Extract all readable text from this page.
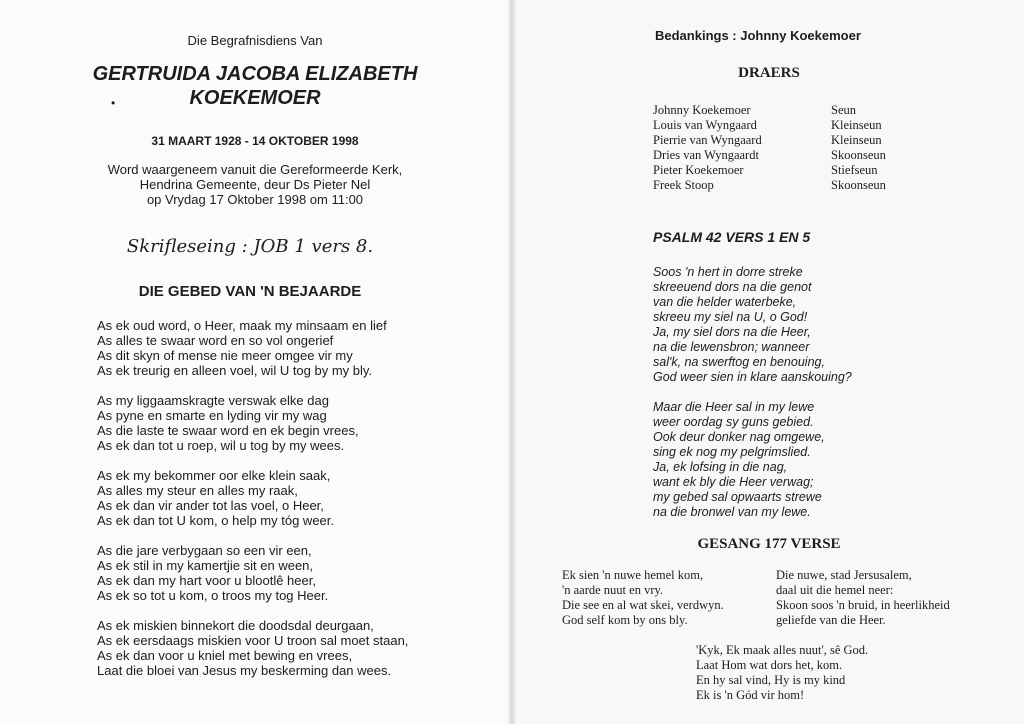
Die Begrafnisdiens Van

GERTRUIDA JACOBA ELIZABETH
KOEKEMOER
•

31 MAART 1928 - 14 OKTOBER 1998

Word waargeneem vanuit die Gereformeerde Kerk,
Hendrina Gemeente, deur Ds Pieter Nel
op Vrydag 17 Oktober 1998 om 11:00

Skrifleseing : JOB 1 vers 8.

DIE GEBED VAN 'N BEJAARDE

As ek oud word, o Heer, maak my minsaam en lief
As alles te swaar word en so vol ongerief
As dit skyn of mense nie meer omgee vir my
As ek treurig en alleen voel, wil U tog by my bly.
As my liggaamskragte verswak elke dag
As pyne en smarte en lyding vir my wag
As die laste te swaar word en ek begin vrees,
As ek dan tot u roep, wil u tog by my wees.
As ek my bekommer oor elke klein saak,
As alles my steur en alles my raak,
As ek dan vir ander tot las voel, o Heer,
As ek dan tot U kom, o help my tóg weer.
As die jare verbygaan so een vir een,
As ek stil in my kamertjie sit en ween,
As ek dan my hart voor u blootlê heer,
As ek so tot u kom, o troos my tog Heer.
As ek miskien binnekort die doodsdal deurgaan,
As ek eersdaags miskien voor U troon sal moet staan,
As ek dan voor u kniel met bewing en vrees,
Laat die bloei van Jesus my beskerming dan wees.

Bedankings : Johnny Koekemoer

DRAERS

Johnny Koekemoer	Seun
Louis van Wyngaard	Kleinseun
Pierrie van Wyngaard	Kleinseun
Dries van Wyngaardt	Skoonseun
Pieter Koekemoer	Stiefseun
Freek Stoop	Skoonseun

PSALM 42 VERS 1 EN 5

Soos 'n hert in dorre streke
skreeuend dors na die genot
van die helder waterbeke,
skreeu my siel na U, o God!
Ja, my siel dors na die Heer,
na die lewensbron; wanneer
sal'k, na swerftog en benouing,
God weer sien in klare aanskouing?
Maar die Heer sal in my lewe
weer oordag sy guns gebied.
Ook deur donker nag omgewe,
sing ek nog my pelgrimslied.
Ja, ek lofsing in die nag,
want ek bly die Heer verwag;
my gebed sal opwaarts strewe
na die bronwel van my lewe.

GESANG 177 VERSE

Ek sien 'n nuwe hemel kom,
'n aarde nuut en vry.
Die see en al wat skei, verdwyn.
God self kom by ons bly.
Die nuwe, stad Jersusalem,
daal uit die hemel neer:
Skoon soos 'n bruid, in heerlikheid
geliefde van die Heer.
'Kyk, Ek maak alles nuut', sê God.
Laat Hom wat dors het, kom.
En hy sal vind, Hy is my kind
Ek is 'n Gód vir hom!
